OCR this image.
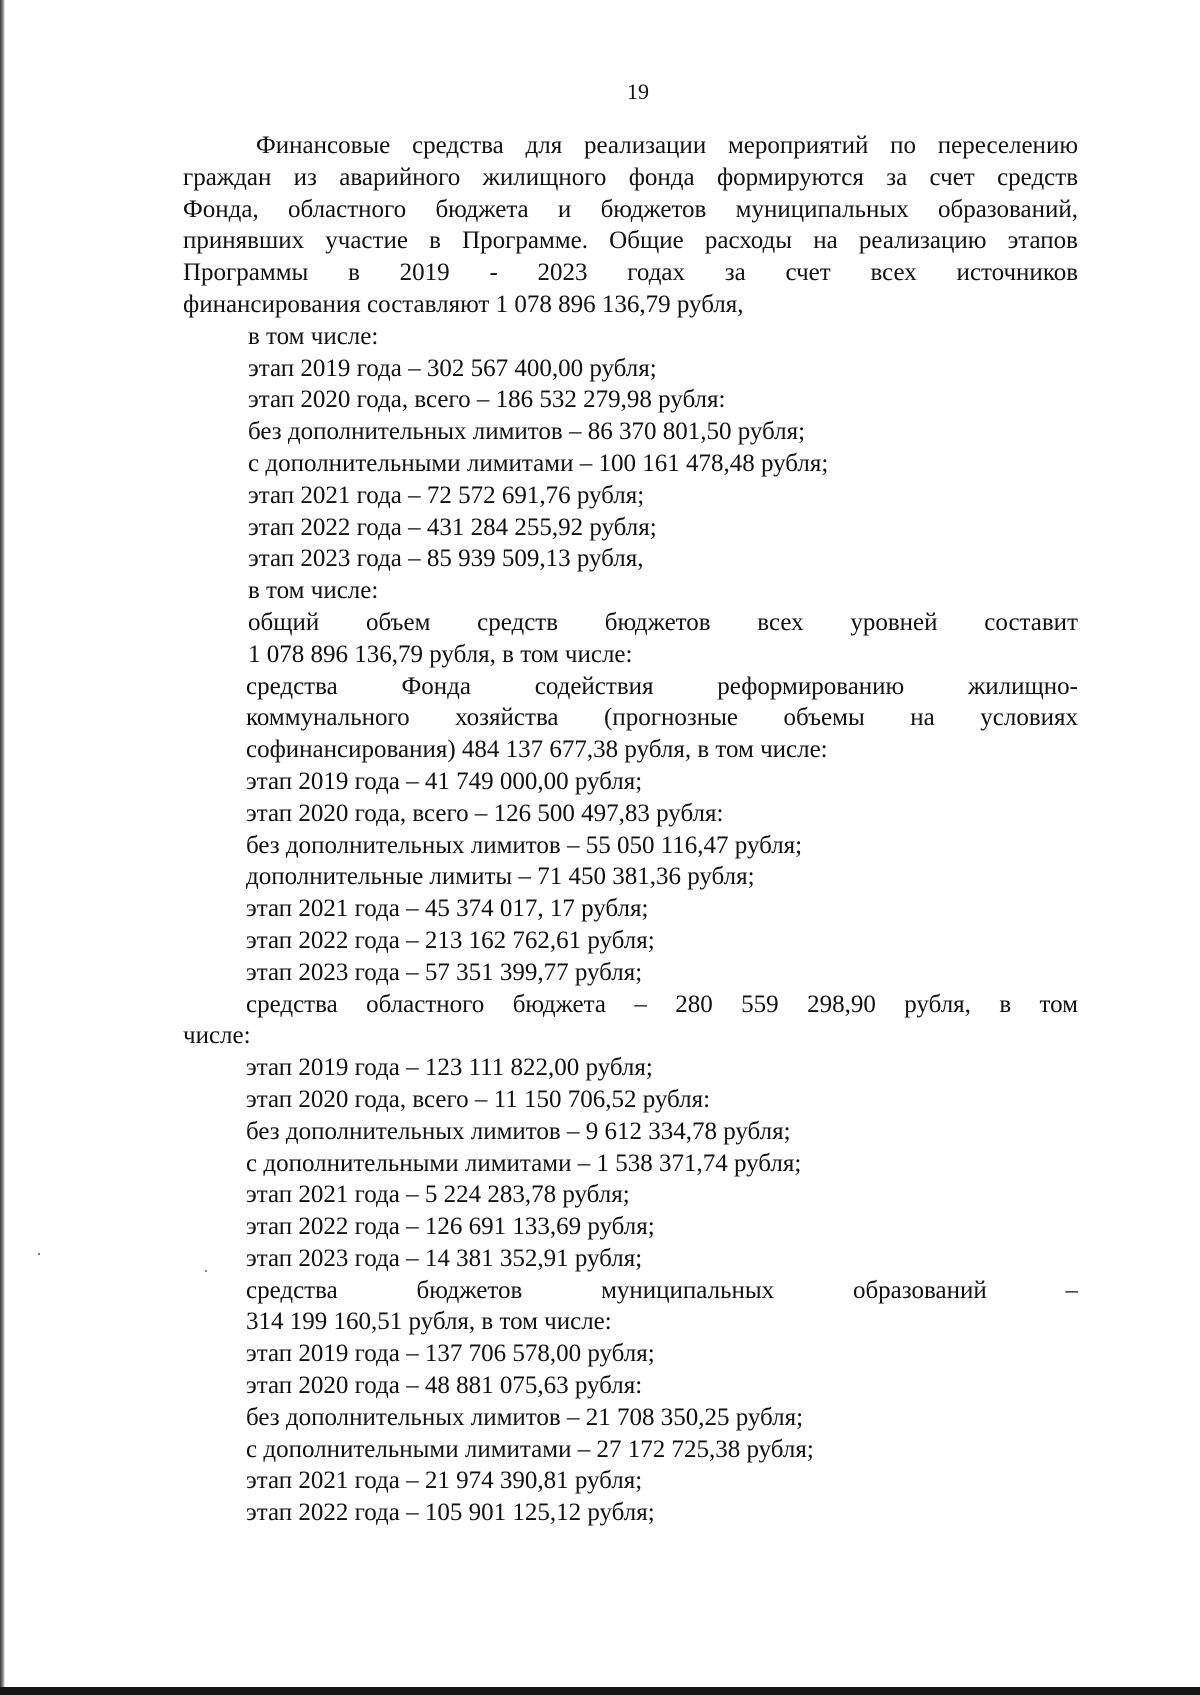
19
Финансовые средства для реализации мероприятий по переселению
граждан из аварийного жилищного фонда формируются за счет средств
Фонда, областного бюджета и бюджетов муниципальных образований,
принявших участие в Программе. Общие расходы на реализацию этапов
Программы в 2019 - 2023 годах за счет всех источников
финансирования составляют 1 078 896 136,79 рубля,
в том числе:
этап 2019 года – 302 567 400,00 рубля;
этап 2020 года, всего – 186 532 279,98 рубля:
без дополнительных лимитов – 86 370 801,50 рубля;
с дополнительными лимитами – 100 161 478,48 рубля;
этап 2021 года – 72 572 691,76 рубля;
этап 2022 года – 431 284 255,92 рубля;
этап 2023 года – 85 939 509,13 рубля,
в том числе:
общий объем средств бюджетов всех уровней составит
1 078 896 136,79 рубля, в том числе:
средства Фонда содействия реформированию жилищно-
коммунального хозяйства (прогнозные объемы на условиях
софинансирования) 484 137 677,38 рубля, в том числе:
этап 2019 года – 41 749 000,00 рубля;
этап 2020 года, всего – 126 500 497,83 рубля:
без дополнительных лимитов – 55 050 116,47 рубля;
дополнительные лимиты – 71 450 381,36 рубля;
этап 2021 года – 45 374 017, 17 рубля;
этап 2022 года – 213 162 762,61 рубля;
этап 2023 года – 57 351 399,77 рубля;
средства областного бюджета – 280 559 298,90 рубля, в том
числе:
этап 2019 года – 123 111 822,00 рубля;
этап 2020 года, всего – 11 150 706,52 рубля:
без дополнительных лимитов – 9 612 334,78 рубля;
с дополнительными лимитами – 1 538 371,74 рубля;
этап 2021 года – 5 224 283,78 рубля;
этап 2022 года – 126 691 133,69 рубля;
этап 2023 года – 14 381 352,91 рубля;
средства бюджетов муниципальных образований –
314 199 160,51 рубля, в том числе:
этап 2019 года – 137 706 578,00 рубля;
этап 2020 года – 48 881 075,63 рубля:
без дополнительных лимитов – 21 708 350,25 рубля;
с дополнительными лимитами – 27 172 725,38 рубля;
этап 2021 года – 21 974 390,81 рубля;
этап 2022 года – 105 901 125,12 рубля;
